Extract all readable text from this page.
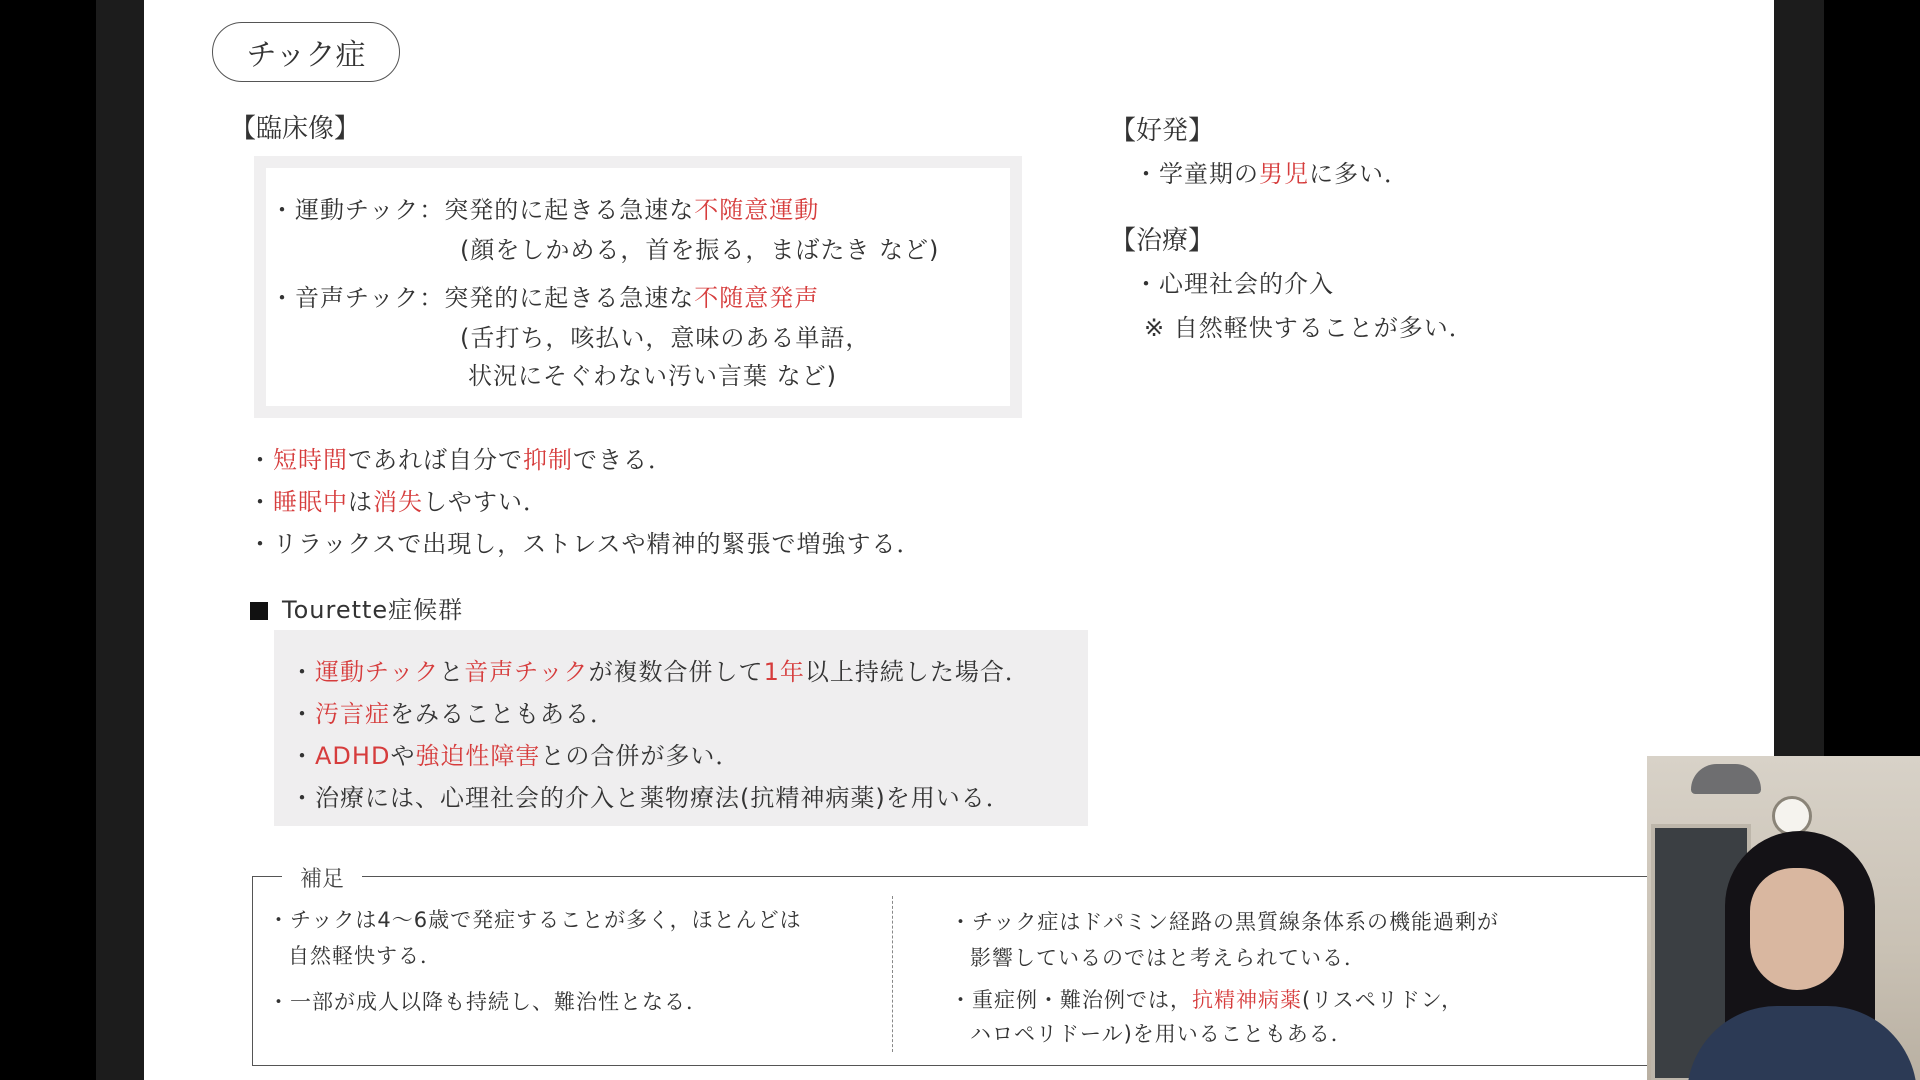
チック症
【臨床像】
・運動チック：突発的に起きる急速な不随意運動
(顔をしかめる，首を振る，まばたき など)
・音声チック：突発的に起きる急速な不随意発声
(舌打ち，咳払い，意味のある単語，
状況にそぐわない汚い言葉 など)
・短時間であれば自分で抑制できる．
・睡眠中は消失しやすい．
・リラックスで出現し，ストレスや精神的緊張で増強する．
Tourette症候群
・運動チックと音声チックが複数合併して1年以上持続した場合．
・汚言症をみることもある．
・ADHDや強迫性障害との合併が多い．
・治療には、心理社会的介入と薬物療法(抗精神病薬)を用いる．
【好発】
・学童期の男児に多い．
【治療】
・心理社会的介入
※ 自然軽快することが多い．
補足
・チックは4〜6歳で発症することが多く，ほとんどは
自然軽快する．
・一部が成人以降も持続し、難治性となる．
・チック症はドパミン経路の黒質線条体系の機能過剰が
影響しているのではと考えられている．
・重症例・難治例では，抗精神病薬(リスペリドン，
ハロペリドール)を用いることもある．
